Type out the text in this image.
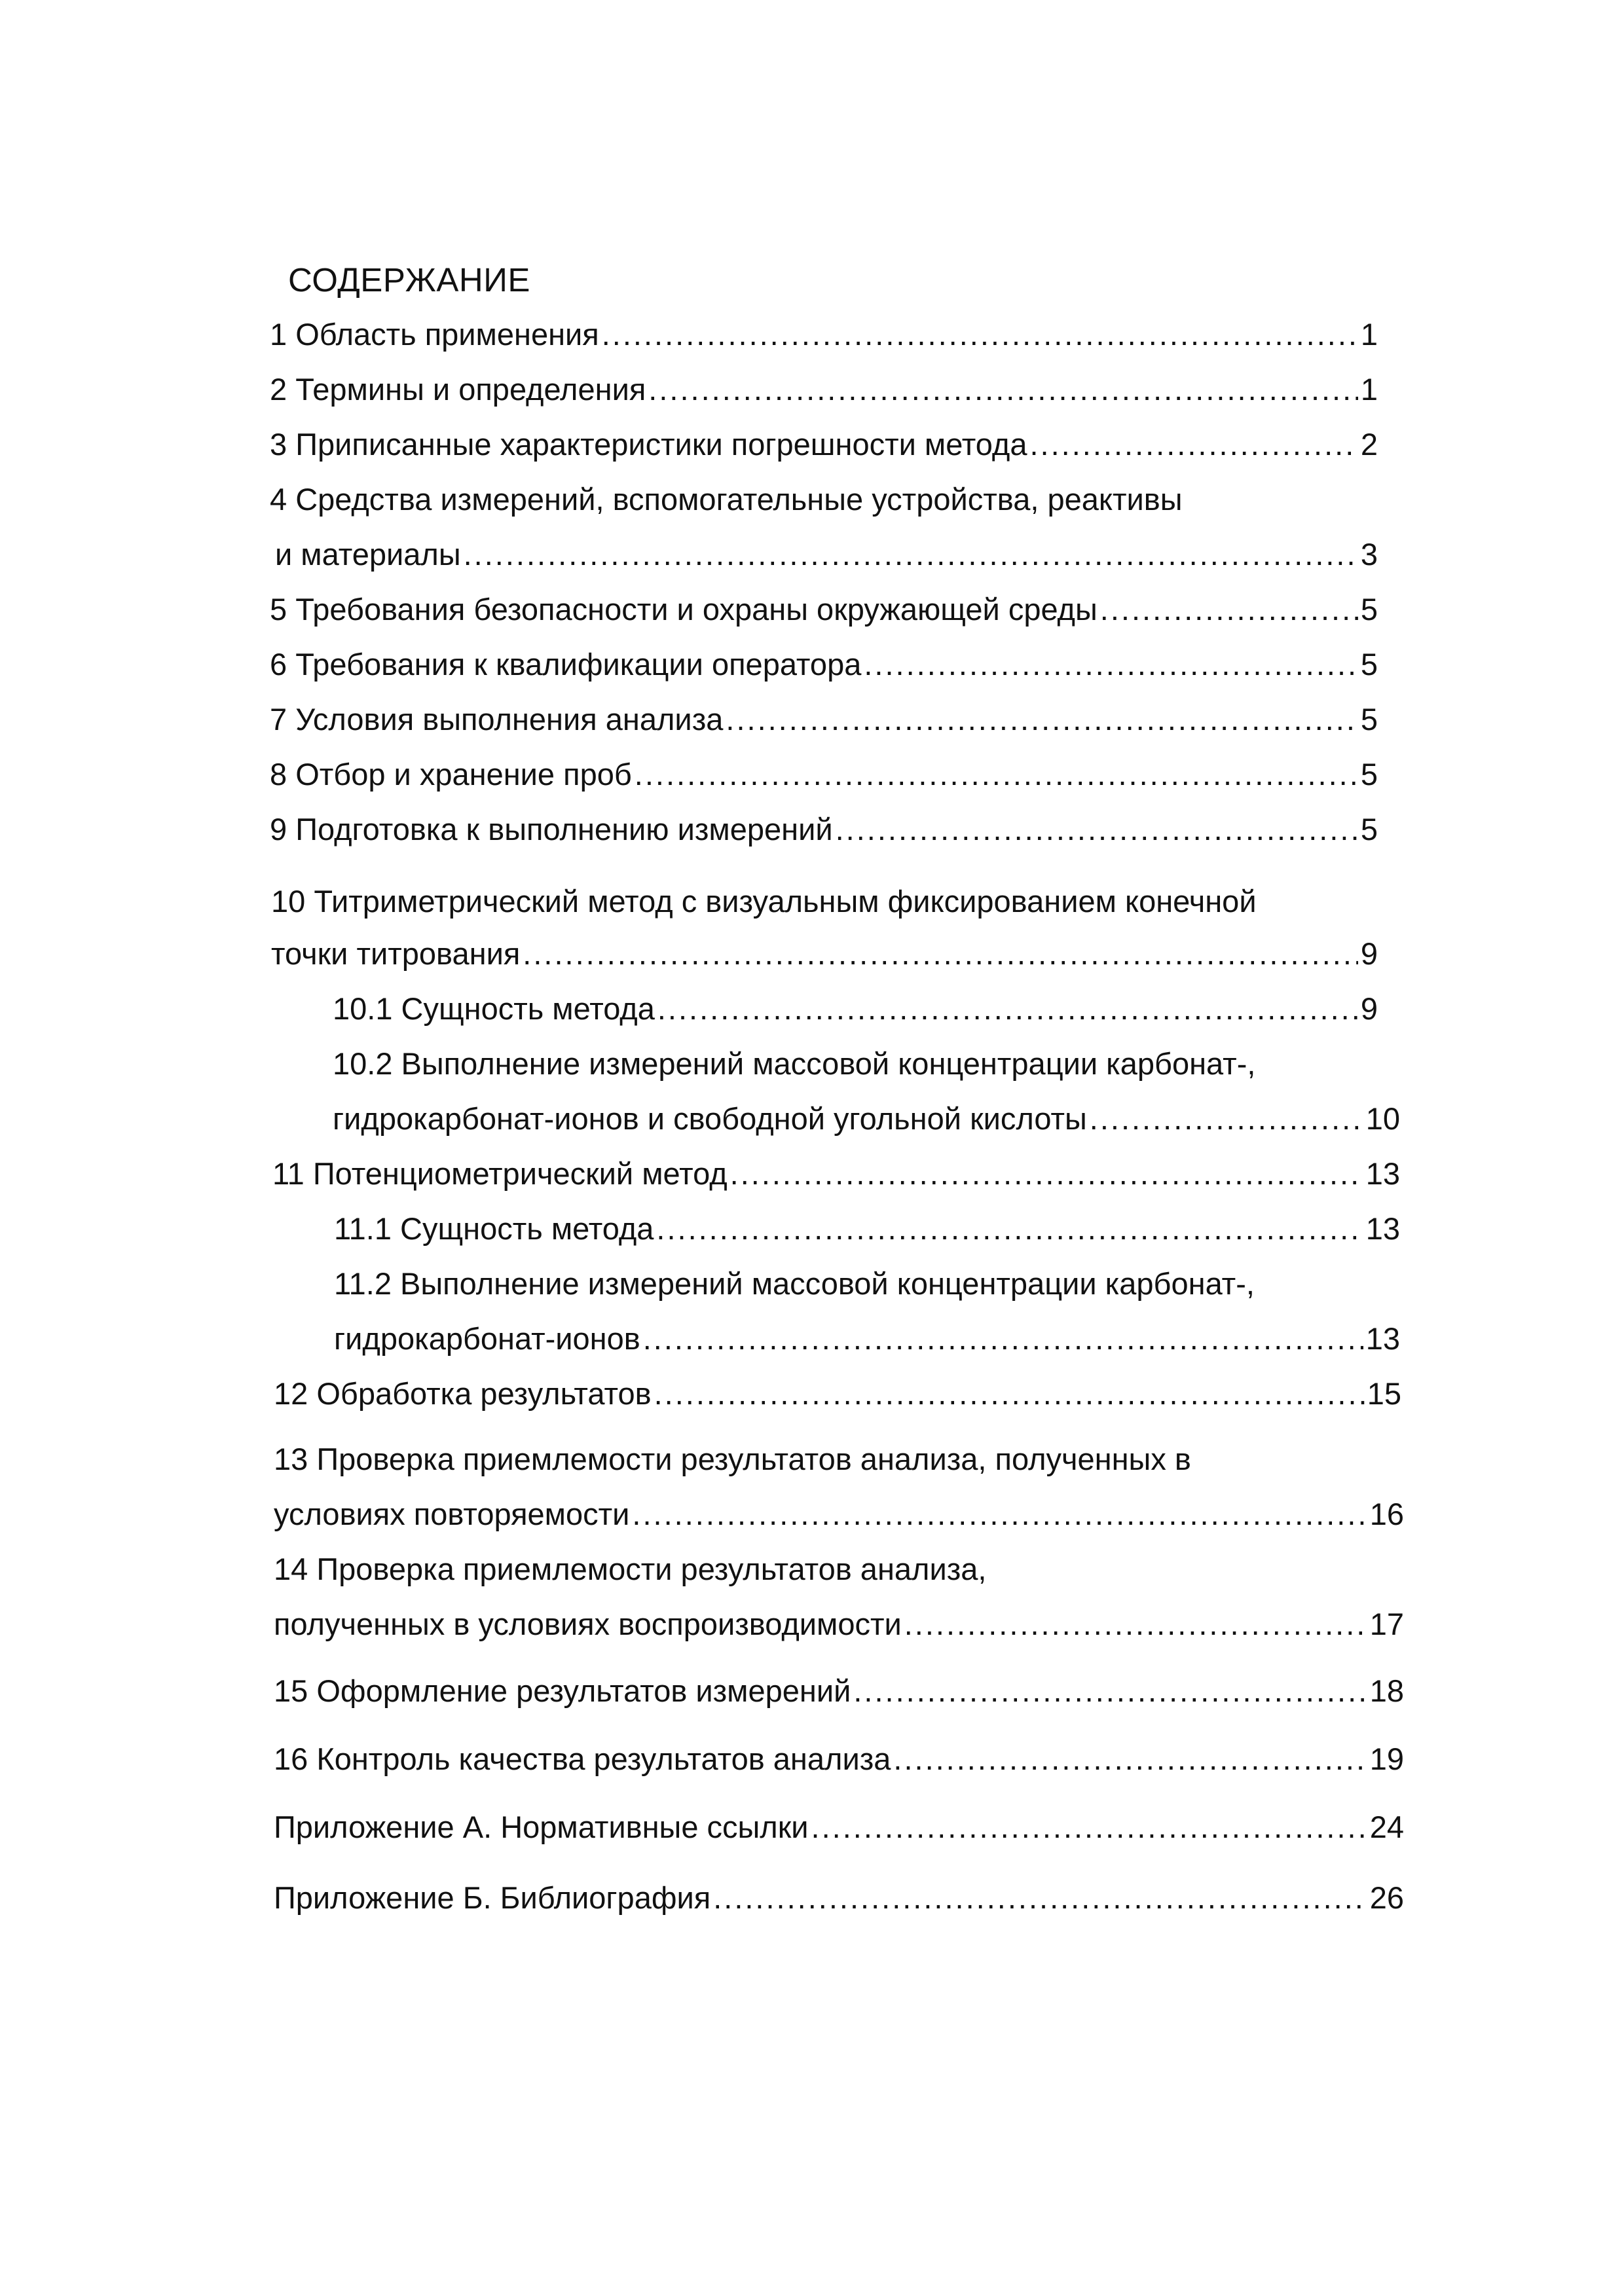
СОДЕРЖАНИЕ
1 Область применения .....	1
2 Термины и определения .....	1
3 Приписанные характеристики погрешности метода .....	2
4 Средства измерений, вспомогательные устройства, реактивы
и материалы .....	3
5 Требования безопасности и охраны окружающей среды .....	5
6 Требования к квалификации оператора .....	5
7 Условия выполнения анализа .....	5
8 Отбор и хранение проб .....	5
9 Подготовка к выполнению измерений .....	5
10 Титриметрический метод с визуальным фиксированием конечной
точки титрования .....	9
10.1 Сущность метода .....	9
10.2 Выполнение измерений массовой концентрации карбонат-,
гидрокарбонат-ионов и свободной угольной кислоты .....	10
11 Потенциометрический метод .....	13
11.1 Сущность метода .....	13
11.2 Выполнение измерений массовой концентрации карбонат-,
гидрокарбонат-ионов .....	13
12 Обработка результатов .....	15
13 Проверка приемлемости результатов анализа, полученных в
условиях повторяемости .....	16
14 Проверка приемлемости результатов анализа,
полученных в условиях воспроизводимости .....	17
15 Оформление результатов измерений .....	18
16 Контроль качества результатов анализа .....	19
Приложение А. Нормативные ссылки .....	24
Приложение Б. Библиография .....	26
